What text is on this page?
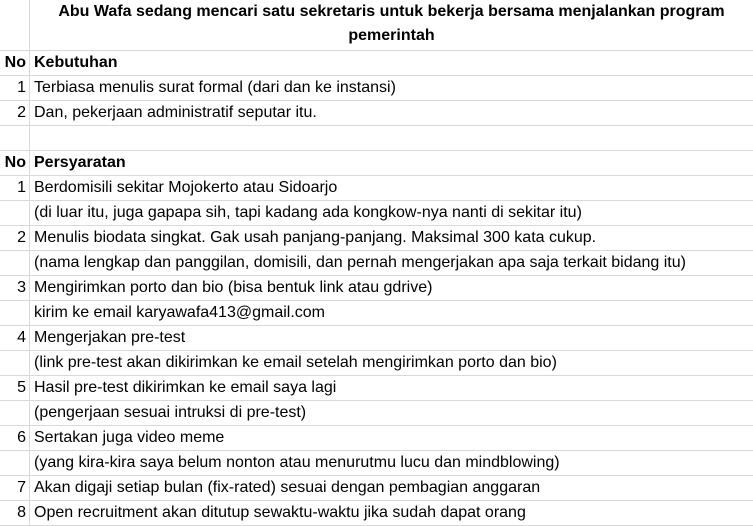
Abu Wafa sedang mencari satu sekretaris untuk bekerja bersama menjalankan program
pemerintah
No Kebutuhan
1 Terbiasa menulis surat formal (dari dan ke instansi)
2 Dan, pekerjaan administratif seputar itu.
No Persyaratan
1 Berdomisili sekitar Mojokerto atau Sidoarjo
(di luar itu, juga gapapa sih, tapi kadang ada kongkow-nya nanti di sekitar itu)
2 Menulis biodata singkat. Gak usah panjang-panjang. Maksimal 300 kata cukup.
(nama lengkap dan panggilan, domisili, dan pernah mengerjakan apa saja terkait bidang itu)
3 Mengirimkan porto dan bio (bisa bentuk link atau gdrive)
kirim ke email karyawafa413@gmail.com
4 Mengerjakan pre-test
(link pre-test akan dikirimkan ke email setelah mengirimkan porto dan bio)
5 Hasil pre-test dikirimkan ke email saya lagi
(pengerjaan sesuai intruksi di pre-test)
6 Sertakan juga video meme
(yang kira-kira saya belum nonton atau menurutmu lucu dan mindblowing)
7 Akan digaji setiap bulan (fix-rated) sesuai dengan pembagian anggaran
8 Open recruitment akan ditutup sewaktu-waktu jika sudah dapat orang
